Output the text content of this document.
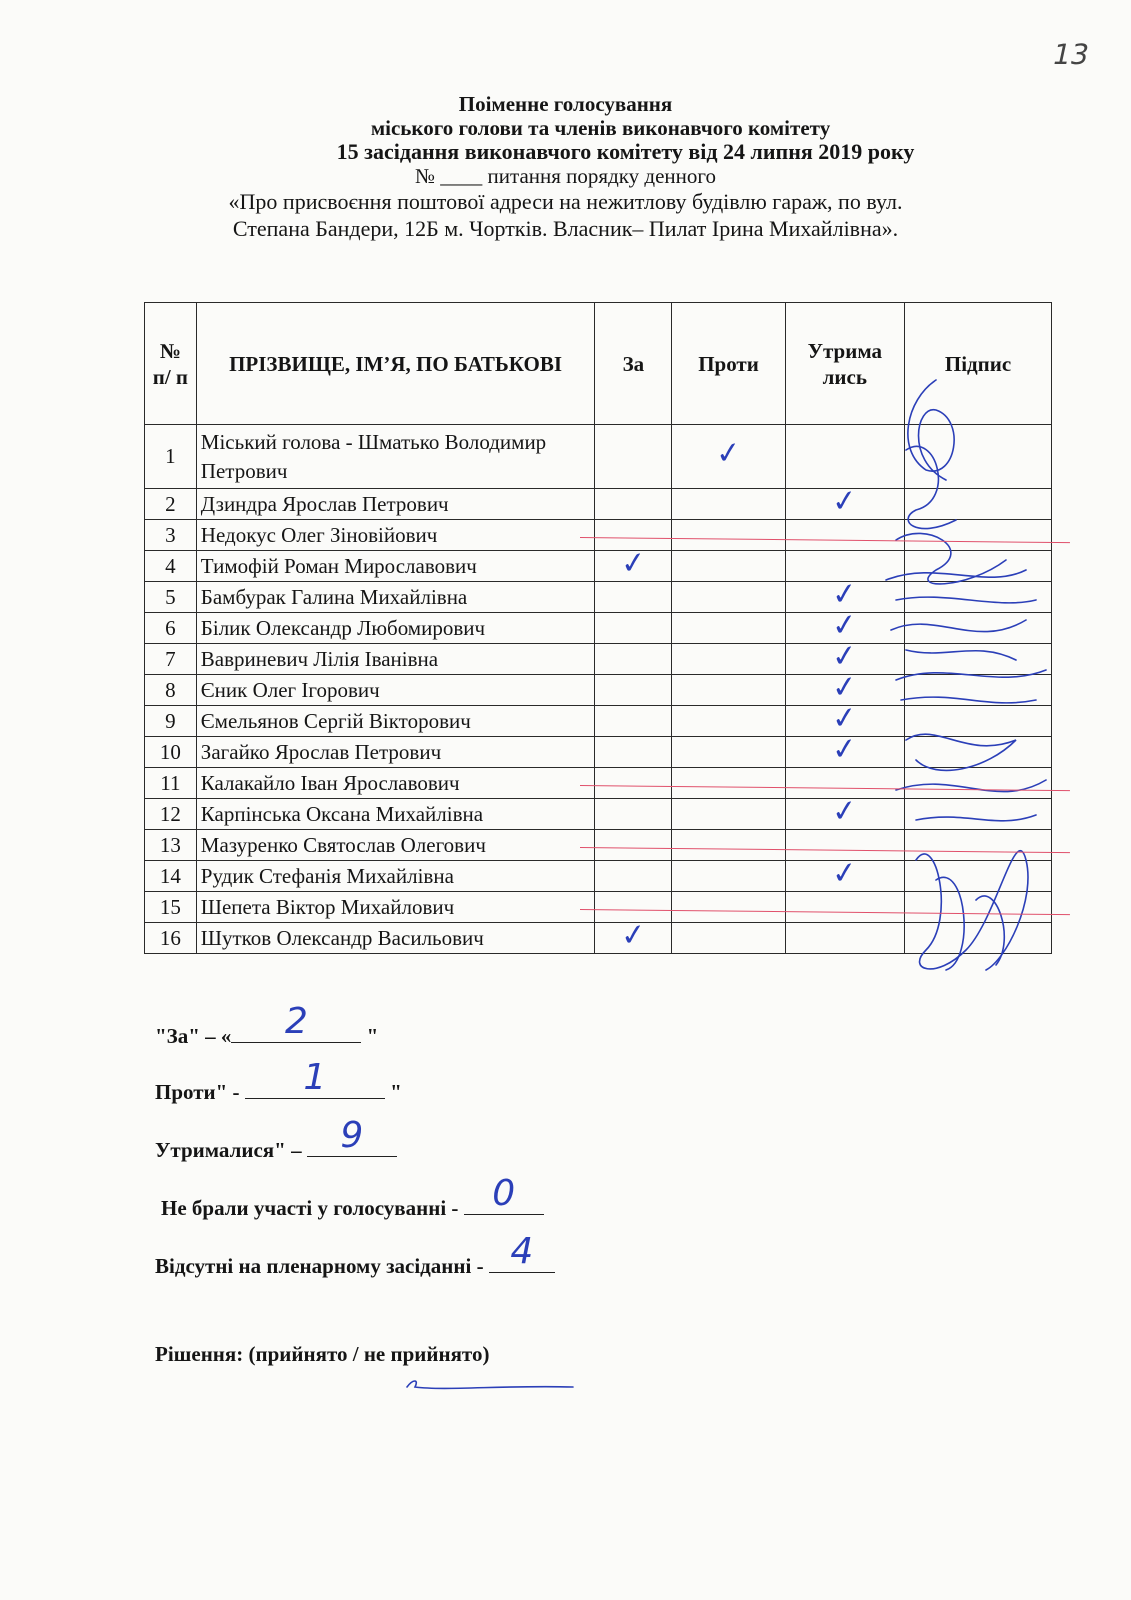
13
Поіменне голосування
міського голови та членів виконавчого комітету
15 засідання виконавчого комітету від 24 липня 2019 року
№ ____ питання порядку денного
«Про присвоєння поштової адреси на нежитлову будівлю гараж, по вул.
Степана Бандери, 12Б м. Чортків. Власник– Пилат Ірина Михайлівна».
№ п/ п	ПРІЗВИЩЕ, ІМ’Я, ПО БАТЬКОВІ	За	Проти	Утрима лись	Підпис
1	Міський голова - Шматько Володимир Петрович		✓		
2	Дзиндра Ярослав Петрович			✓	
3	Недокус Олег Зіновійович				
4	Тимофій Роман Мирославович	✓			
5	Бамбурак Галина Михайлівна			✓	
6	Білик Олександр Любомирович			✓	
7	Вавриневич Лілія Іванівна			✓	
8	Єник Олег Ігорович			✓	
9	Ємельянов Сергій Вікторович			✓	
10	Загайко Ярослав Петрович			✓	
11	Калакайло Іван Ярославович				
12	Карпінська Оксана Михайлівна			✓	
13	Мазуренко Святослав Олегович				
14	Рудик Стефанія Михайлівна			✓	
15	Шепета Віктор Михайлович				
16	Шутков Олександр Васильович	✓			
"За" – «	2	"
Проти" -	1	"
Утрималися" – 9
Не брали участі у голосуванні - 0
Відсутні на пленарному засіданні - 4
Рішення: (прийнято / не прийнято)
